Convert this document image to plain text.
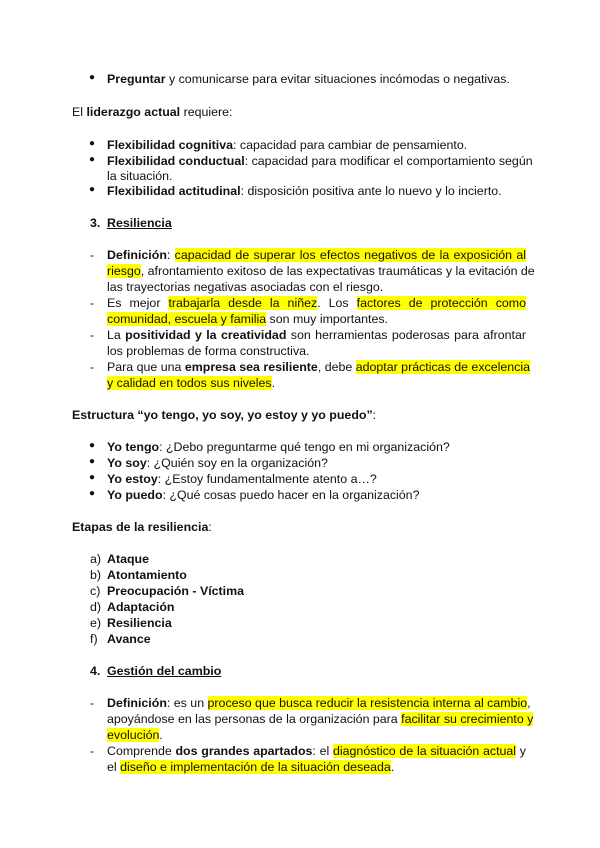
● Preguntar y comunicarse para evitar situaciones incómodas o negativas.
El liderazgo actual requiere:
● Flexibilidad cognitiva: capacidad para cambiar de pensamiento.
● Flexibilidad conductual: capacidad para modificar el comportamiento según
la situación.
● Flexibilidad actitudinal: disposición positiva ante lo nuevo y lo incierto.
3. Resiliencia
- Definición: capacidad de superar los efectos negativos de la exposición al
riesgo, afrontamiento exitoso de las expectativas traumáticas y la evitación de
las trayectorias negativas asociadas con el riesgo.
- Es mejor trabajarla desde la niñez. Los factores de protección como
comunidad, escuela y familia son muy importantes.
- La positividad y la creatividad son herramientas poderosas para afrontar
los problemas de forma constructiva.
- Para que una empresa sea resiliente, debe adoptar prácticas de excelencia
y calidad en todos sus niveles.
Estructura “yo tengo, yo soy, yo estoy y yo puedo”:
● Yo tengo: ¿Debo preguntarme qué tengo en mi organización?
● Yo soy: ¿Quién soy en la organización?
● Yo estoy: ¿Estoy fundamentalmente atento a…?
● Yo puedo: ¿Qué cosas puedo hacer en la organización?
Etapas de la resiliencia:
a) Ataque
b) Atontamiento
c) Preocupación - Víctima
d) Adaptación
e) Resiliencia
f) Avance
4. Gestión del cambio
- Definición: es un proceso que busca reducir la resistencia interna al cambio,
apoyándose en las personas de la organización para facilitar su crecimiento y
evolución.
- Comprende dos grandes apartados: el diagnóstico de la situación actual y
el diseño e implementación de la situación deseada.
